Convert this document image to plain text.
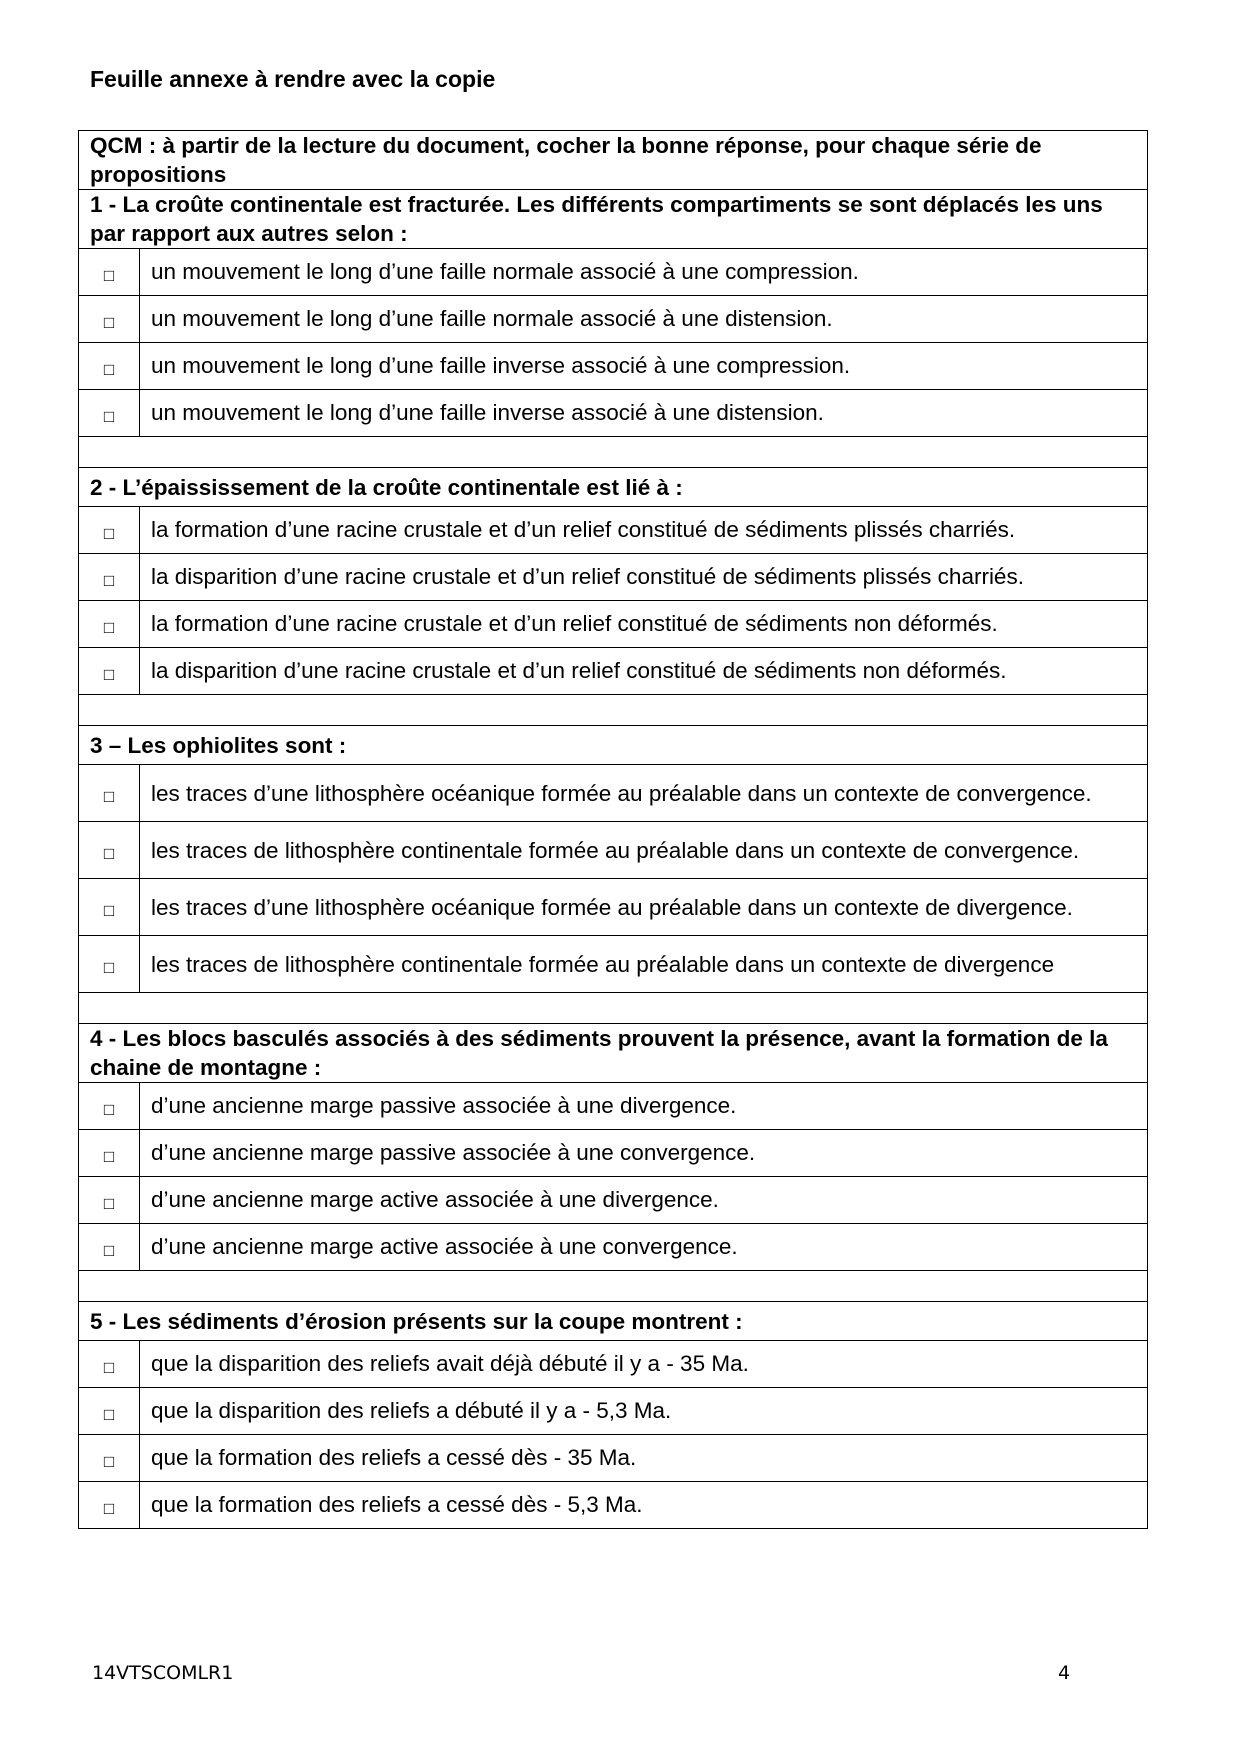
Feuille annexe à rendre avec la copie
QCM : à partir de la lecture du document, cocher la bonne réponse, pour chaque série de propositions	
1 - La croûte continentale est fracturée. Les différents compartiments se sont déplacés les uns par rapport aux autres selon :	
□	un mouvement le long d’une faille normale associé à une compression.
□	un mouvement le long d’une faille normale associé à une distension.
□	un mouvement le long d’une faille inverse associé à une compression.
□	un mouvement le long d’une faille inverse associé à une distension.

2 - L’épaississement de la croûte continentale est lié à :	
□	la formation d’une racine crustale et d’un relief constitué de sédiments plissés charriés.
□	la disparition d’une racine crustale et d’un relief constitué de sédiments plissés charriés.
□	la formation d’une racine crustale et d’un relief constitué de sédiments non déformés.
□	la disparition d’une racine crustale et d’un relief constitué de sédiments non déformés.

3 – Les ophiolites sont :	
□	les traces d’une lithosphère océanique formée au préalable dans un contexte de convergence.
□	les traces de lithosphère continentale formée au préalable dans un contexte de convergence.
□	les traces d’une lithosphère océanique formée au préalable dans un contexte de divergence.
□	les traces de lithosphère continentale formée au préalable dans un contexte de divergence

4 - Les blocs basculés associés à des sédiments prouvent la présence, avant la formation de la chaine de montagne :	
□	d’une ancienne marge passive associée à une divergence.
□	d’une ancienne marge passive associée à une convergence.
□	d’une ancienne marge active associée à une divergence.
□	d’une ancienne marge active associée à une convergence.

5 - Les sédiments d’érosion présents sur la coupe montrent :	
□	que la disparition des reliefs avait déjà débuté il y a - 35 Ma.
□	que la disparition des reliefs a débuté il y a - 5,3 Ma.
□	que la formation des reliefs a cessé dès - 35 Ma.
□	que la formation des reliefs a cessé dès - 5,3 Ma.
14VTSCOMLR1	4
